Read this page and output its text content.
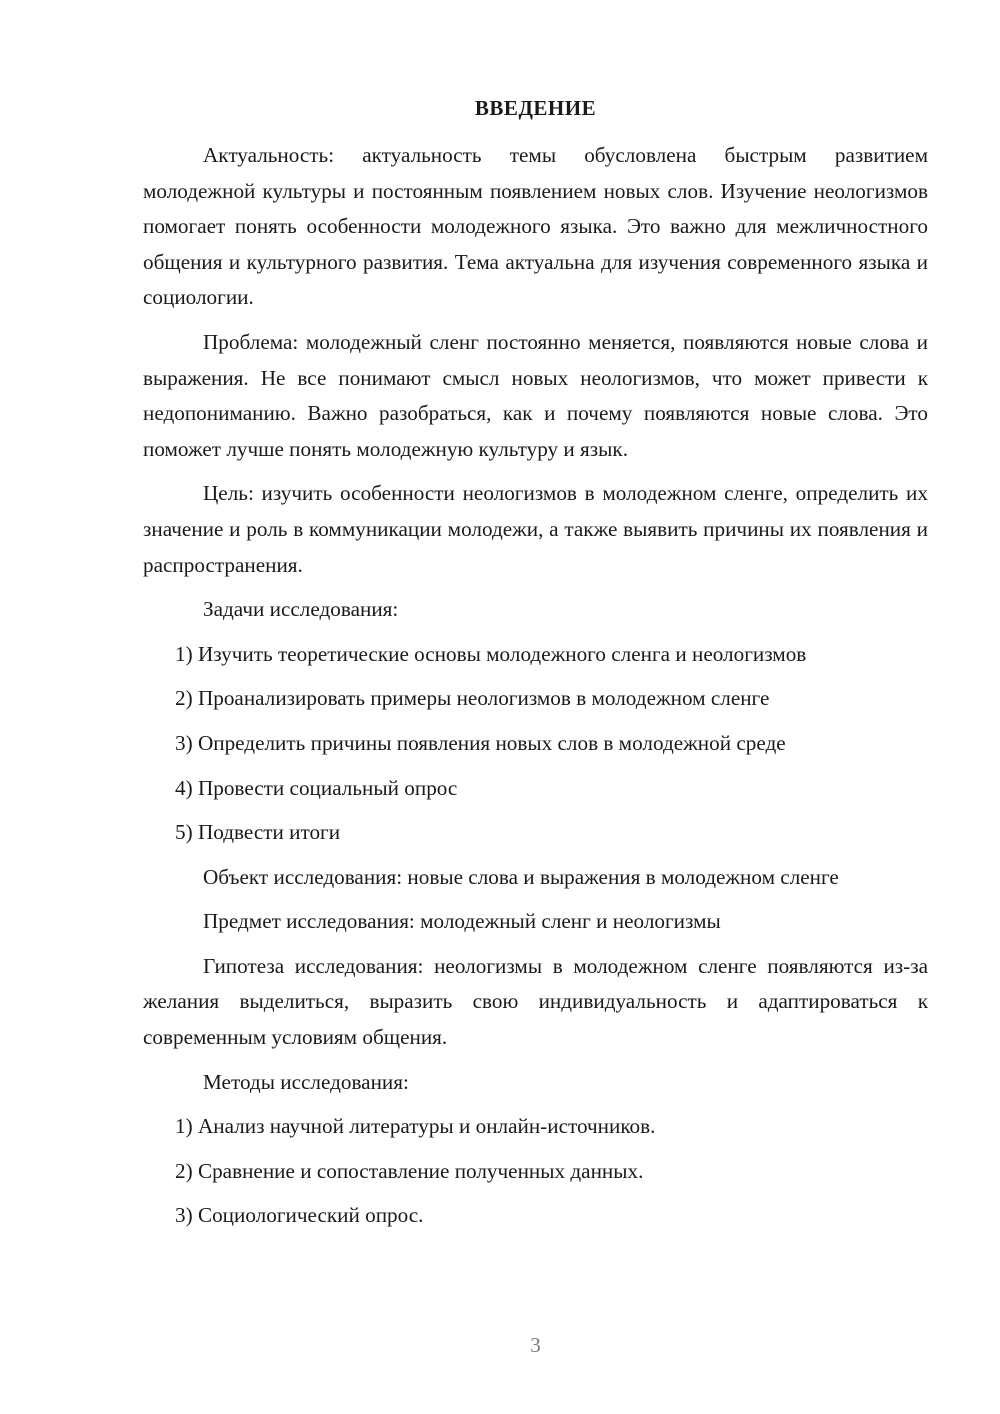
ВВЕДЕНИЕ

Актуальность: актуальность темы обусловлена быстрым развитием молодежной культуры и постоянным появлением новых слов. Изучение неологизмов помогает понять особенности молодежного языка. Это важно для межличностного общения и культурного развития. Тема актуальна для изучения современного языка и социологии.

Проблема: молодежный сленг постоянно меняется, появляются новые слова и выражения. Не все понимают смысл новых неологизмов, что может привести к недопониманию. Важно разобраться, как и почему появляются новые слова. Это поможет лучше понять молодежную культуру и язык.

Цель: изучить особенности неологизмов в молодежном сленге, определить их значение и роль в коммуникации молодежи, а также выявить причины их появления и распространения.

Задачи исследования:

1) Изучить теоретические основы молодежного сленга и неологизмов

2) Проанализировать примеры неологизмов в молодежном сленге

3) Определить причины появления новых слов в молодежной среде

4) Провести социальный опрос

5) Подвести итоги

Объект исследования: новые слова и выражения в молодежном сленге

Предмет исследования: молодежный сленг и неологизмы

Гипотеза исследования: неологизмы в молодежном сленге появляются из-за желания выделиться, выразить свою индивидуальность и адаптироваться к современным условиям общения.

Методы исследования:

1) Анализ научной литературы и онлайн-источников.

2) Сравнение и сопоставление полученных данных.

3) Социологический опрос.

3
